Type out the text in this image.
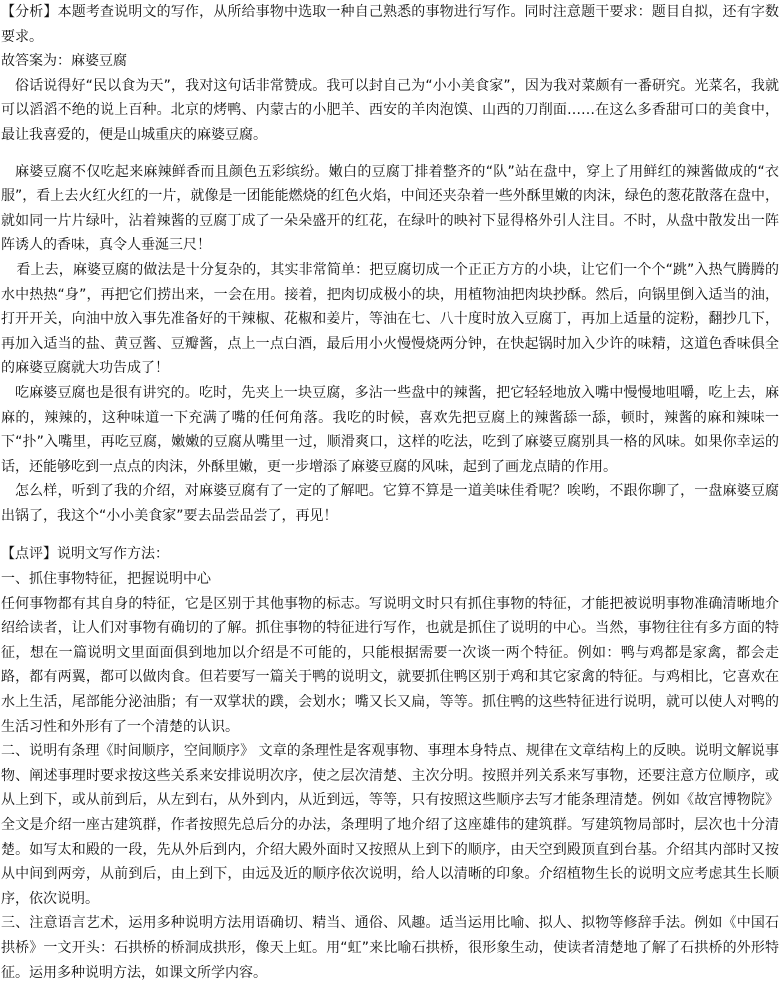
【分析】本题考查说明文的写作，从所给事物中选取一种自己熟悉的事物进行写作。同时注意题干要求：题目自拟，还有字数要求。

故答案为：麻婆豆腐

俗话说得好“民以食为天”，我对这句话非常赞成。我可以封自己为“小小美食家”，因为我对菜颇有一番研究。光菜名，我就可以滔滔不绝的说上百种。北京的烤鸭、内蒙古的小肥羊、西安的羊肉泡馍、山西的刀削面……在这么多香甜可口的美食中，最让我喜爱的，便是山城重庆的麻婆豆腐。

麻婆豆腐不仅吃起来麻辣鲜香而且颜色五彩缤纷。嫩白的豆腐丁排着整齐的“队”站在盘中，穿上了用鲜红的辣酱做成的“衣服”，看上去火红火红的一片，就像是一团能能燃烧的红色火焰，中间还夹杂着一些外酥里嫩的肉沫，绿色的葱花散落在盘中，就如同一片片绿叶，沾着辣酱的豆腐丁成了一朵朵盛开的红花，在绿叶的映衬下显得格外引人注目。不时，从盘中散发出一阵阵诱人的香味，真令人垂涎三尺！

看上去，麻婆豆腐的做法是十分复杂的，其实非常简单：把豆腐切成一个正正方方的小块，让它们一个个“跳”入热气腾腾的水中热热“身”，再把它们捞出来，一会在用。接着，把肉切成极小的块，用植物油把肉块抄酥。然后，向锅里倒入适当的油，打开开关，向油中放入事先准备好的干辣椒、花椒和姜片，等油在七、八十度时放入豆腐丁，再加上适量的淀粉，翻抄几下，再加入适当的盐、黄豆酱、豆瓣酱，点上一点白酒，最后用小火慢慢烧两分钟，在快起锅时加入少许的味精，这道色香味俱全的麻婆豆腐就大功告成了！

吃麻婆豆腐也是很有讲究的。吃时，先夹上一块豆腐，多沾一些盘中的辣酱，把它轻轻地放入嘴中慢慢地咀嚼，吃上去，麻麻的，辣辣的，这种味道一下充满了嘴的任何角落。我吃的时候，喜欢先把豆腐上的辣酱舔一舔，顿时，辣酱的麻和辣味一下“扑”入嘴里，再吃豆腐，嫩嫩的豆腐从嘴里一过，顺滑爽口，这样的吃法，吃到了麻婆豆腐别具一格的风味。如果你幸运的话，还能够吃到一点点的肉沫，外酥里嫩，更一步增添了麻婆豆腐的风味，起到了画龙点睛的作用。

怎么样，听到了我的介绍，对麻婆豆腐有了一定的了解吧。它算不算是一道美味佳肴呢？唉哟，不跟你聊了，一盘麻婆豆腐出锅了，我这个“小小美食家”要去品尝品尝了，再见！

【点评】说明文写作方法：

一、抓住事物特征，把握说明中心

任何事物都有其自身的特征，它是区别于其他事物的标志。写说明文时只有抓住事物的特征，才能把被说明事物准确清晰地介绍给读者，让人们对事物有确切的了解。抓住事物的特征进行写作，也就是抓住了说明的中心。当然，事物往往有多方面的特征，想在一篇说明文里面面俱到地加以介绍是不可能的，只能根据需要一次谈一两个特征。例如：鸭与鸡都是家禽，都会走路，都有两翼，都可以做肉食。但若要写一篇关于鸭的说明文，就要抓住鸭区别于鸡和其它家禽的特征。与鸡相比，它喜欢在水上生活，尾部能分泌油脂；有一双掌状的蹼，会划水；嘴又长又扁，等等。抓住鸭的这些特征进行说明，就可以使人对鸭的生活习性和外形有了一个清楚的认识。

二、说明有条理《时间顺序，空间顺序》 文章的条理性是客观事物、事理本身特点、规律在文章结构上的反映。说明文解说事物、阐述事理时要求按这些关系来安排说明次序，使之层次清楚、主次分明。按照并列关系来写事物，还要注意方位顺序，或从上到下，或从前到后，从左到右，从外到内，从近到远，等等，只有按照这些顺序去写才能条理清楚。例如《故宫博物院》全文是介绍一座古建筑群，作者按照先总后分的办法，条理明了地介绍了这座雄伟的建筑群。写建筑物局部时，层次也十分清楚。如写太和殿的一段，先从外后到内，介绍大殿外面时又按照从上到下的顺序，由天空到殿顶直到台基。介绍其内部时又按从中间到两旁，从前到后，由上到下，由远及近的顺序依次说明，给人以清晰的印象。介绍植物生长的说明文应考虑其生长顺序，依次说明。

三、注意语言艺术，运用多种说明方法用语确切、精当、通俗、风趣。适当运用比喻、拟人、拟物等修辞手法。例如《中国石拱桥》一文开头：石拱桥的桥洞成拱形，像天上虹。用“虹”来比喻石拱桥，很形象生动，使读者清楚地了解了石拱桥的外形特征。运用多种说明方法，如课文所学内容。
